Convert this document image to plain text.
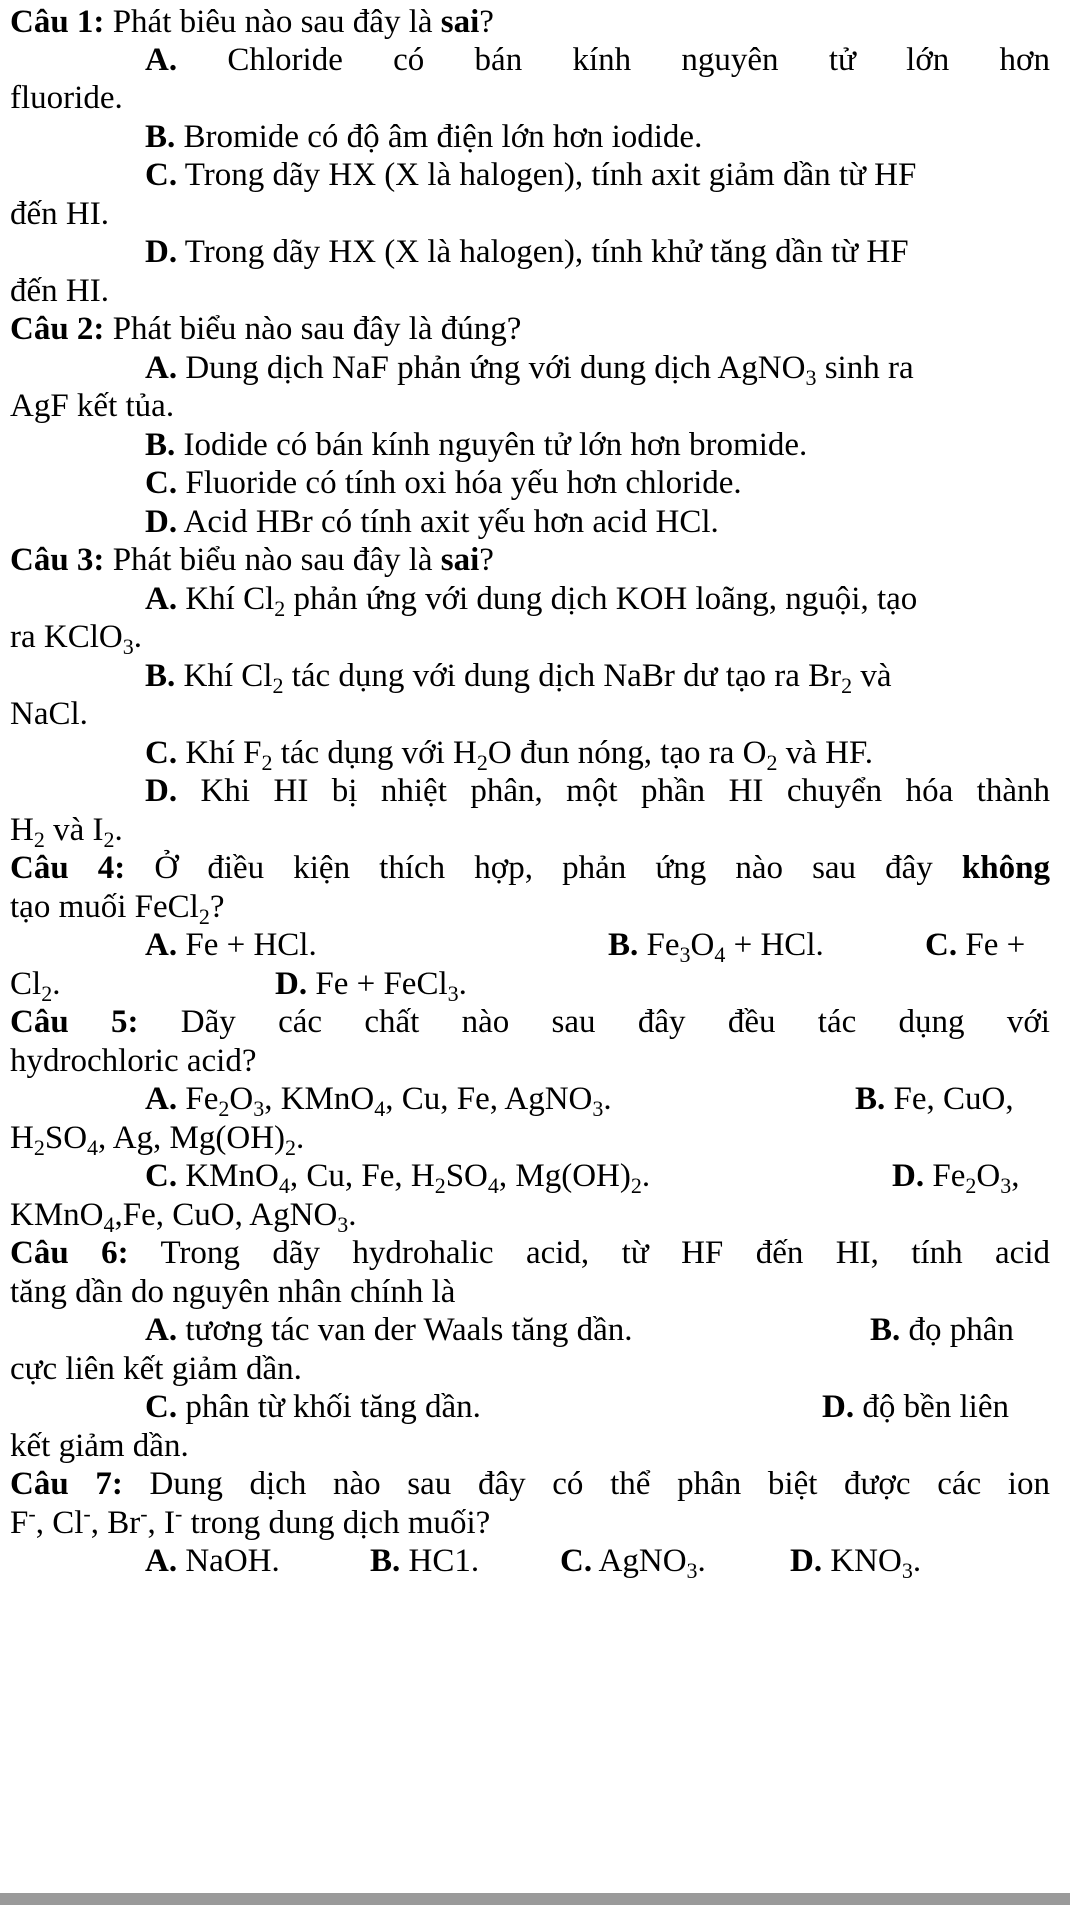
Câu 1: Phát biêu nào sau đây là sai?
A. Chloride có bán kính nguyên tử lớn hơn
fluoride.
B. Bromide có độ âm điện lớn hơn iodide.
C. Trong dãy HX (X là halogen), tính axit giảm dần từ HF
đến HI.
D. Trong dãy HX (X là halogen), tính khử tăng dần từ HF
đến HI.
Câu 2: Phát biểu nào sau đây là đúng?
A. Dung dịch NaF phản ứng với dung dịch AgNO$_3$ sinh ra
AgF kết tủa.
B. Iodide có bán kính nguyên tử lớn hơn bromide.
C. Fluoride có tính oxi hóa yếu hơn chloride.
D. Acid HBr có tính axit yếu hơn acid HCl.
Câu 3: Phát biểu nào sau đây là sai?
A. Khí $Cl_2$ phản ứng với dung dịch KOH loãng, nguội, tạo
ra KClO$_3$.
B. Khí $Cl_2$ tác dụng với dung dịch NaBr dư tạo ra $Br_2$ và
NaCl.
C. Khí $F_2$ tác dụng với $H_2O$ đun nóng, tạo ra $O_2$ và HF.
D. Khi HI bị nhiệt phân, một phần HI chuyển hóa thành
$H_2$ và $I_2$.
Câu 4: Ở điều kiện thích hợp, phản ứng nào sau đây không
tạo muối FeCl$_2$?
A. Fe + HCl.	B. $Fe_3O_4$ + HCl.	C. Fe +
$Cl_2$.	D. Fe + FeCl$_3$.
Câu 5: Dãy các chất nào sau đây đều tác dụng với
hydrochloric acid?
A. $Fe_2O_3$, KMnO$_4$, Cu, Fe, AgNO$_3$.	B. Fe, CuO,
$H_2SO_4$, Ag, $Mg(OH)_2$.
C. KMnO$_4$, Cu, Fe, $H_2SO_4$, $Mg(OH)_2$.	D. $Fe_2O_3$,
KMnO$_4$,Fe, CuO, AgNO$_3$.
Câu 6: Trong dãy hydrohalic acid, từ HF đến HI, tính acid
tăng dần do nguyên nhân chính là
A. tương tác van der Waals tăng dần.	B. đọ phân
cực liên kết giảm dần.
C. phân từ khối tăng dần.	D. độ bền liên
kết giảm dần.
Câu 7: Dung dịch nào sau đây có thể phân biệt được các ion
F-, Cl-, Br-, I- trong dung dịch muối?
A. NaOH.	B. HC1. C. AgNO$_3$.	D. $KNO_3$.
